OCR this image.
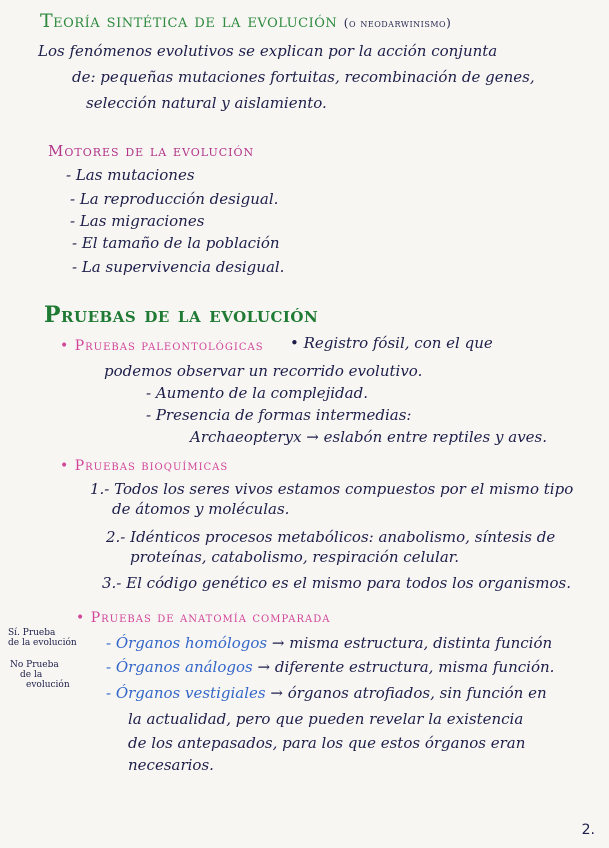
Teoría sintética de la evolución (o neodarwinismo)
Los fenómenos evolutivos se explican por la acción conjunta
de: pequeñas mutaciones fortuitas, recombinación de genes,
selección natural y aislamiento.
Motores de la evolución
- Las mutaciones
- La reproducción desigual.
- Las migraciones
- El tamaño de la población
- La supervivencia desigual.
Pruebas de la evolución
• Pruebas paleontológicas • Registro fósil, con el que
podemos observar un recorrido evolutivo.
- Aumento de la complejidad.
- Presencia de formas intermedias:
Archaeopteryx → eslabón entre reptiles y aves.
• Pruebas bioquímicas
1.- Todos los seres vivos estamos compuestos por el mismo tipo
de átomos y moléculas.
2.- Idénticos procesos metabólicos: anabolismo, síntesis de
proteínas, catabolismo, respiración celular.
3.- El código genético es el mismo para todos los organismos.
• Pruebas de anatomía comparada
Sí. Prueba
de la evolución
No Prueba
de la
evolución
- Órganos homólogos → misma estructura, distinta función
- Órganos análogos → diferente estructura, misma función.
- Órganos vestigiales → órganos atrofiados, sin función en
la actualidad, pero que pueden revelar la existencia
de los antepasados, para los que estos órganos eran
necesarios.
2.
